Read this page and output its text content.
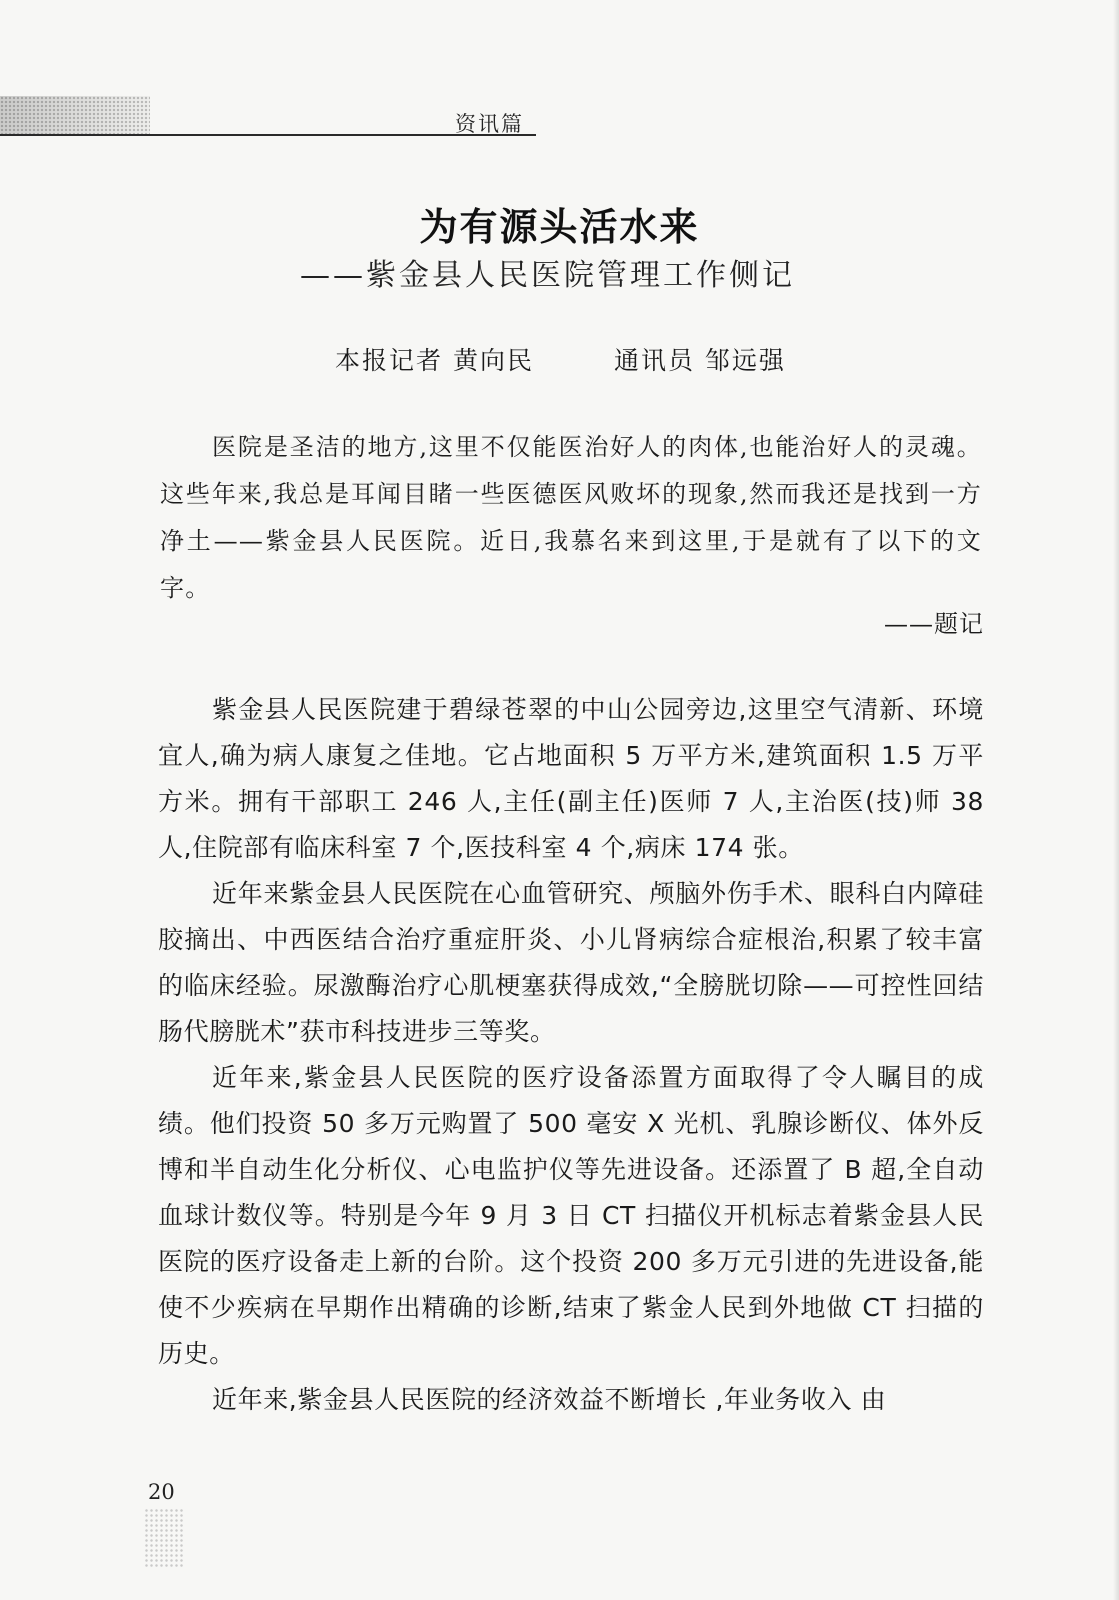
资讯篇
为有源头活水来
——紫金县人民医院管理工作侧记
本报记者 黄向民	通讯员 邹远强

医院是圣洁的地方,这里不仅能医治好人的肉体,也能治好人的灵魂。这些年来,我总是耳闻目睹一些医德医风败坏的现象,然而我还是找到一方净土——紫金县人民医院。近日,我慕名来到这里,于是就有了以下的文字。

——题记

紫金县人民医院建于碧绿苍翠的中山公园旁边,这里空气清新、环境宜人,确为病人康复之佳地。它占地面积 5 万平方米,建筑面积 1.5 万平方米。拥有干部职工 246 人,主任(副主任)医师 7 人,主治医(技)师 38 人,住院部有临床科室 7 个,医技科室 4 个,病床 174 张。

近年来紫金县人民医院在心血管研究、颅脑外伤手术、眼科白内障硅胶摘出、中西医结合治疗重症肝炎、小儿肾病综合症根治,积累了较丰富的临床经验。尿激酶治疗心肌梗塞获得成效,“全膀胱切除——可控性回结肠代膀胱术”获市科技进步三等奖。

近年来,紫金县人民医院的医疗设备添置方面取得了令人瞩目的成绩。他们投资 50 多万元购置了 500 毫安 X 光机、乳腺诊断仪、体外反博和半自动生化分析仪、心电监护仪等先进设备。还添置了 B 超,全自动血球计数仪等。特别是今年 9 月 3 日 CT 扫描仪开机标志着紫金县人民医院的医疗设备走上新的台阶。这个投资 200 多万元引进的先进设备,能使不少疾病在早期作出精确的诊断,结束了紫金人民到外地做 CT 扫描的历史。

近年来,紫金县人民医院的经济效益不断增长 ,年业务收入 由

20
